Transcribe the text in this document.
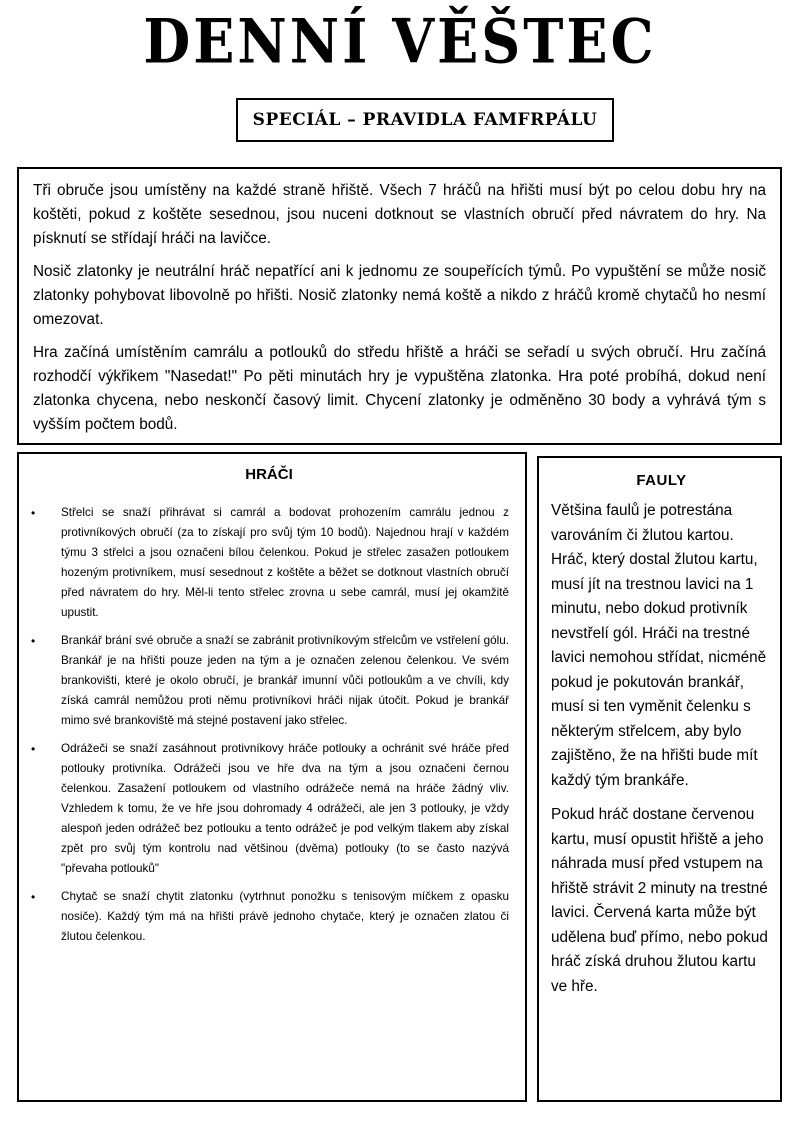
DENNÍ VĚŠTEC
SPECIÁL – PRAVIDLA FAMFRPÁLU

Tři obruče jsou umístěny na každé straně hřiště. Všech 7 hráčů na hřišti musí být po celou dobu hry na koštěti, pokud z koštěte sesednou, jsou nuceni dotknout se vlastních obručí před návratem do hry. Na písknutí se střídají hráči na lavičce.

Nosič zlatonky je neutrální hráč nepatřící ani k jednomu ze soupeřících týmů. Po vypuštění se může nosič zlatonky pohybovat libovolně po hřišti. Nosič zlatonky nemá koště a nikdo z hráčů kromě chytačů ho nesmí omezovat.

Hra začíná umístěním camrálu a potlouků do středu hřiště a hráči se seřadí u svých obručí. Hru začíná rozhodčí výkřikem "Nasedat!" Po pěti minutách hry je vypuštěna zlatonka. Hra poté probíhá, dokud není zlatonka chycena, nebo neskončí časový limit. Chycení zlatonky je odměněno 30 body a vyhrává tým s vyšším počtem bodů.

HRÁČI
• Střelci se snaží přihrávat si camrál a bodovat prohozením camrálu jednou z protivníkových obručí (za to získají pro svůj tým 10 bodů). Najednou hrají v každém týmu 3 střelci a jsou označeni bílou čelenkou. Pokud je střelec zasažen potloukem hozeným protivníkem, musí sesednout z koštěte a běžet se dotknout vlastních obručí před návratem do hry. Měl-li tento střelec zrovna u sebe camrál, musí jej okamžitě upustit.
• Brankář brání své obruče a snaží se zabránit protivníkovým střelcům ve vstřelení gólu. Brankář je na hřišti pouze jeden na tým a je označen zelenou čelenkou. Ve svém brankovišti, které je okolo obručí, je brankář imunní vůči potloukům a ve chvíli, kdy získá camrál nemůžou proti němu protivníkovi hráči nijak útočit. Pokud je brankář mimo své brankoviště má stejné postavení jako střelec.
• Odrážeči se snaží zasáhnout protivníkovy hráče potlouky a ochránit své hráče před potlouky protivníka. Odrážeči jsou ve hře dva na tým a jsou označeni černou čelenkou. Zasažení potloukem od vlastního odrážeče nemá na hráče žádný vliv. Vzhledem k tomu, že ve hře jsou dohromady 4 odrážeči, ale jen 3 potlouky, je vždy alespoň jeden odrážeč bez potlouku a tento odrážeč je pod velkým tlakem aby získal zpět pro svůj tým kontrolu nad většinou (dvěma) potlouky (to se často nazývá "převaha potlouků"
• Chytač se snaží chytit zlatonku (vytrhnut ponožku s tenisovým míčkem z opasku nosiče). Každý tým má na hřišti právě jednoho chytače, který je označen zlatou či žlutou čelenkou.
FAULY

Většina faulů je potrestána varováním či žlutou kartou. Hráč, který dostal žlutou kartu, musí jít na trestnou lavici na 1 minutu, nebo dokud protivník nevstřelí gól. Hráči na trestné lavici nemohou střídat, nicméně pokud je pokutován brankář, musí si ten vyměnit čelenku s některým střelcem, aby bylo zajištěno, že na hřišti bude mít každý tým brankáře.

Pokud hráč dostane červenou kartu, musí opustit hřiště a jeho náhrada musí před vstupem na hřiště strávit 2 minuty na trestné lavici. Červená karta může být udělena buď přímo, nebo pokud hráč získá druhou žlutou kartu ve hře.
